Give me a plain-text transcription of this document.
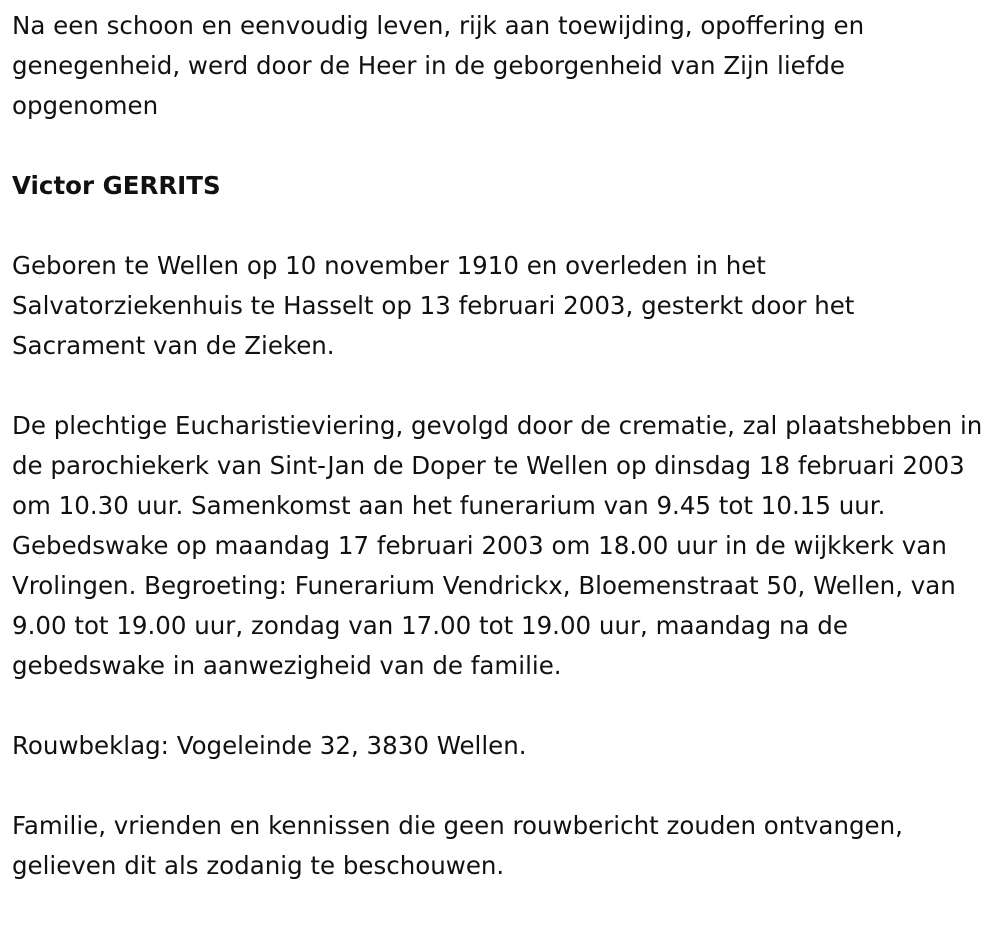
Na een schoon en eenvoudig leven, rijk aan toewijding, opoffering en genegenheid, werd door de Heer in de geborgenheid van Zijn liefde opgenomen

Victor GERRITS

Geboren te Wellen op 10 november 1910 en overleden in het Salvatorziekenhuis te Hasselt op 13 februari 2003, gesterkt door het Sacrament van de Zieken.

De plechtige Eucharistieviering, gevolgd door de crematie, zal plaatshebben in de parochiekerk van Sint-Jan de Doper te Wellen op dinsdag 18 februari 2003 om 10.30 uur. Samenkomst aan het funerarium van 9.45 tot 10.15 uur. Gebedswake op maandag 17 februari 2003 om 18.00 uur in de wijkkerk van Vrolingen. Begroeting: Funerarium Vendrickx, Bloemenstraat 50, Wellen, van 9.00 tot 19.00 uur, zondag van 17.00 tot 19.00 uur, maandag na de gebedswake in aanwezigheid van de familie.

Rouwbeklag: Vogeleinde 32, 3830 Wellen.

Familie, vrienden en kennissen die geen rouwbericht zouden ontvangen, gelieven dit als zodanig te beschouwen.
